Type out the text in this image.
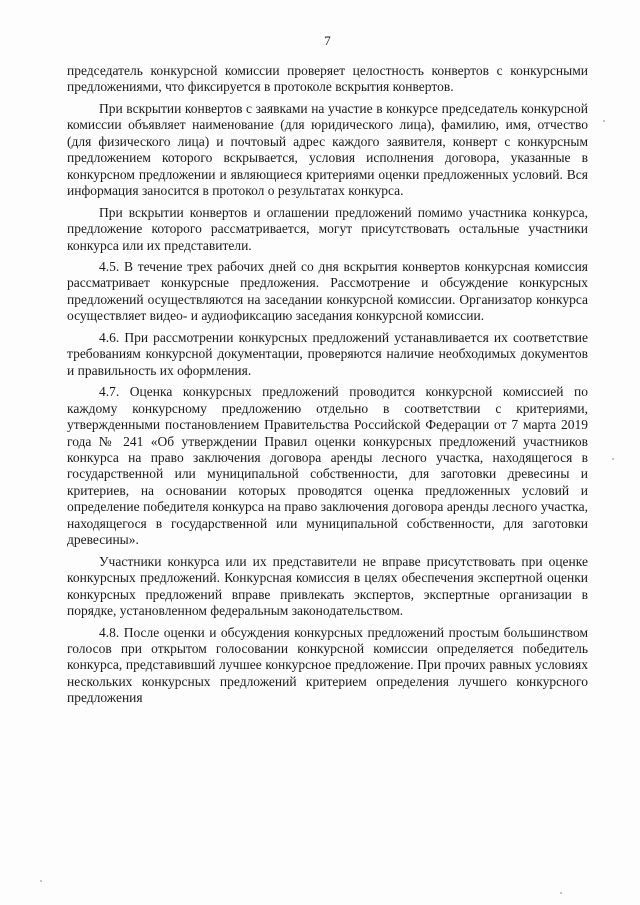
7

председатель конкурсной комиссии проверяет целостность конвертов с конкурсными предложениями, что фиксируется в протоколе вскрытия конвертов.

При вскрытии конвертов с заявками на участие в конкурсе председатель конкурсной комиссии объявляет наименование (для юридического лица), фамилию, имя, отчество (для физического лица) и почтовый адрес каждого заявителя, конверт с конкурсным предложением которого вскрывается, условия исполнения договора, указанные в конкурсном предложении и являющиеся критериями оценки предложенных условий. Вся информация заносится в протокол о результатах конкурса.

При вскрытии конвертов и оглашении предложений помимо участника конкурса, предложение которого рассматривается, могут присутствовать остальные участники конкурса или их представители.

4.5. В течение трех рабочих дней со дня вскрытия конвертов конкурсная комиссия рассматривает конкурсные предложения. Рассмотрение и обсуждение конкурсных предложений осуществляются на заседании конкурсной комиссии. Организатор конкурса осуществляет видео- и аудиофиксацию заседания конкурсной комиссии.

4.6. При рассмотрении конкурсных предложений устанавливается их соответствие требованиям конкурсной документации, проверяются наличие необходимых документов и правильность их оформления.

4.7. Оценка конкурсных предложений проводится конкурсной комиссией по каждому конкурсному предложению отдельно в соответствии с критериями, утвержденными постановлением Правительства Российской Федерации от 7 марта 2019 года № 241 «Об утверждении Правил оценки конкурсных предложений участников конкурса на право заключения договора аренды лесного участка, находящегося в государственной или муниципальной собственности, для заготовки древесины и критериев, на основании которых проводятся оценка предложенных условий и определение победителя конкурса на право заключения договора аренды лесного участка, находящегося в государственной или муниципальной собственности, для заготовки древесины».

Участники конкурса или их представители не вправе присутствовать при оценке конкурсных предложений. Конкурсная комиссия в целях обеспечения экспертной оценки конкурсных предложений вправе привлекать экспертов, экспертные организации в порядке, установленном федеральным законодательством.

4.8. После оценки и обсуждения конкурсных предложений простым большинством голосов при открытом голосовании конкурсной комиссии определяется победитель конкурса, представивший лучшее конкурсное предложение. При прочих равных условиях нескольких конкурсных предложений критерием определения лучшего конкурсного предложения
